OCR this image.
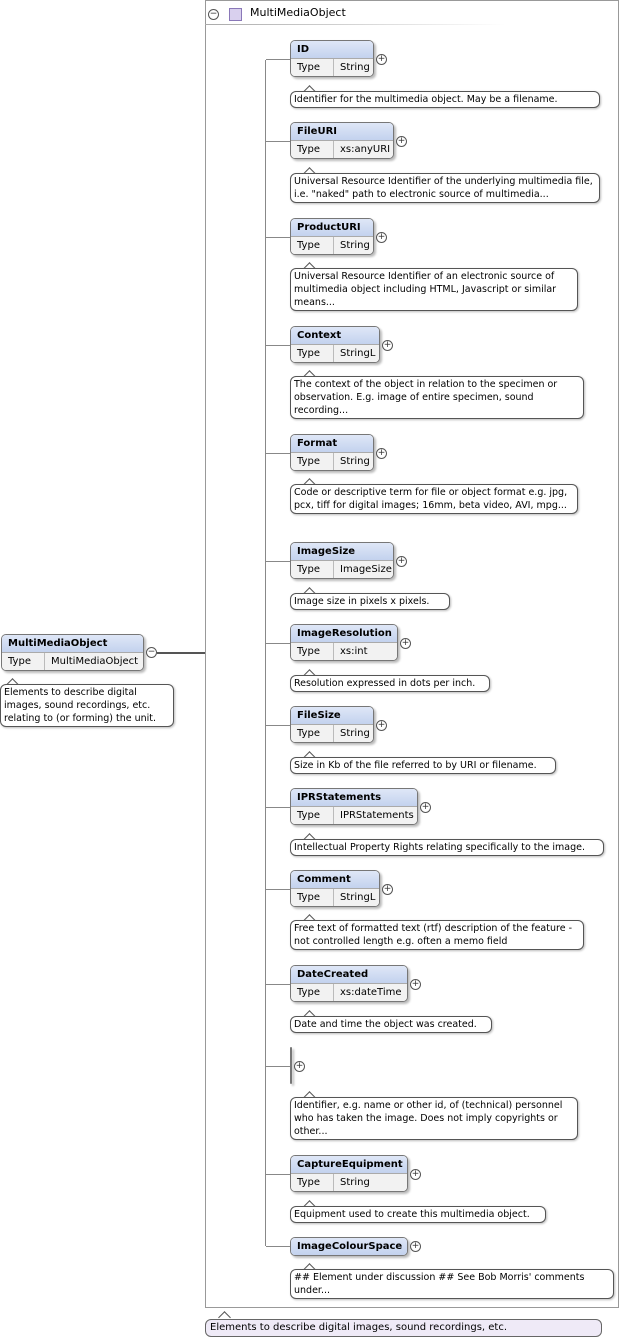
MultiMediaObject
Type	MultiMediaObject
−
Elements to describe digital images, sound recordings, etc. relating to (or forming) the unit.
−	MultiMediaObject
ID
Type	String
+
Identifier for the multimedia object. May be a filename.
FileURI
Type	xs:anyURI
+
Universal Resource Identifier of the underlying multimedia file, i.e. "naked" path to electronic source of multimedia...
ProductURI
Type	String
+
Universal Resource Identifier of an electronic source of multimedia object including HTML, Javascript or similar means...
Context
Type	StringL
+
The context of the object in relation to the specimen or observation. E.g. image of entire specimen, sound recording...
Format
Type	String
+
Code or descriptive term for file or object format e.g. jpg, pcx, tiff for digital images; 16mm, beta video, AVI, mpg...
ImageSize
Type	ImageSize
+
Image size in pixels x pixels.
ImageResolution
Type	xs:int
+
Resolution expressed in dots per inch.
FileSize
Type	String
+
Size in Kb of the file referred to by URI or filename.
IPRStatements
Type	IPRStatements
+
Intellectual Property Rights relating specifically to the image.
Comment
Type	StringL
+
Free text of formatted text (rtf) description of the feature - not controlled length e.g. often a memo field
DateCreated
Type	xs:dateTime
+
Date and time the object was created.
+
Identifier, e.g. name or other id, of (technical) personnel who has taken the image. Does not imply copyrights or other...
CaptureEquipment
Type	String
+
Equipment used to create this multimedia object.
ImageColourSpace	+
## Element under discussion ## See Bob Morris' comments under...
Elements to describe digital images, sound recordings, etc.
